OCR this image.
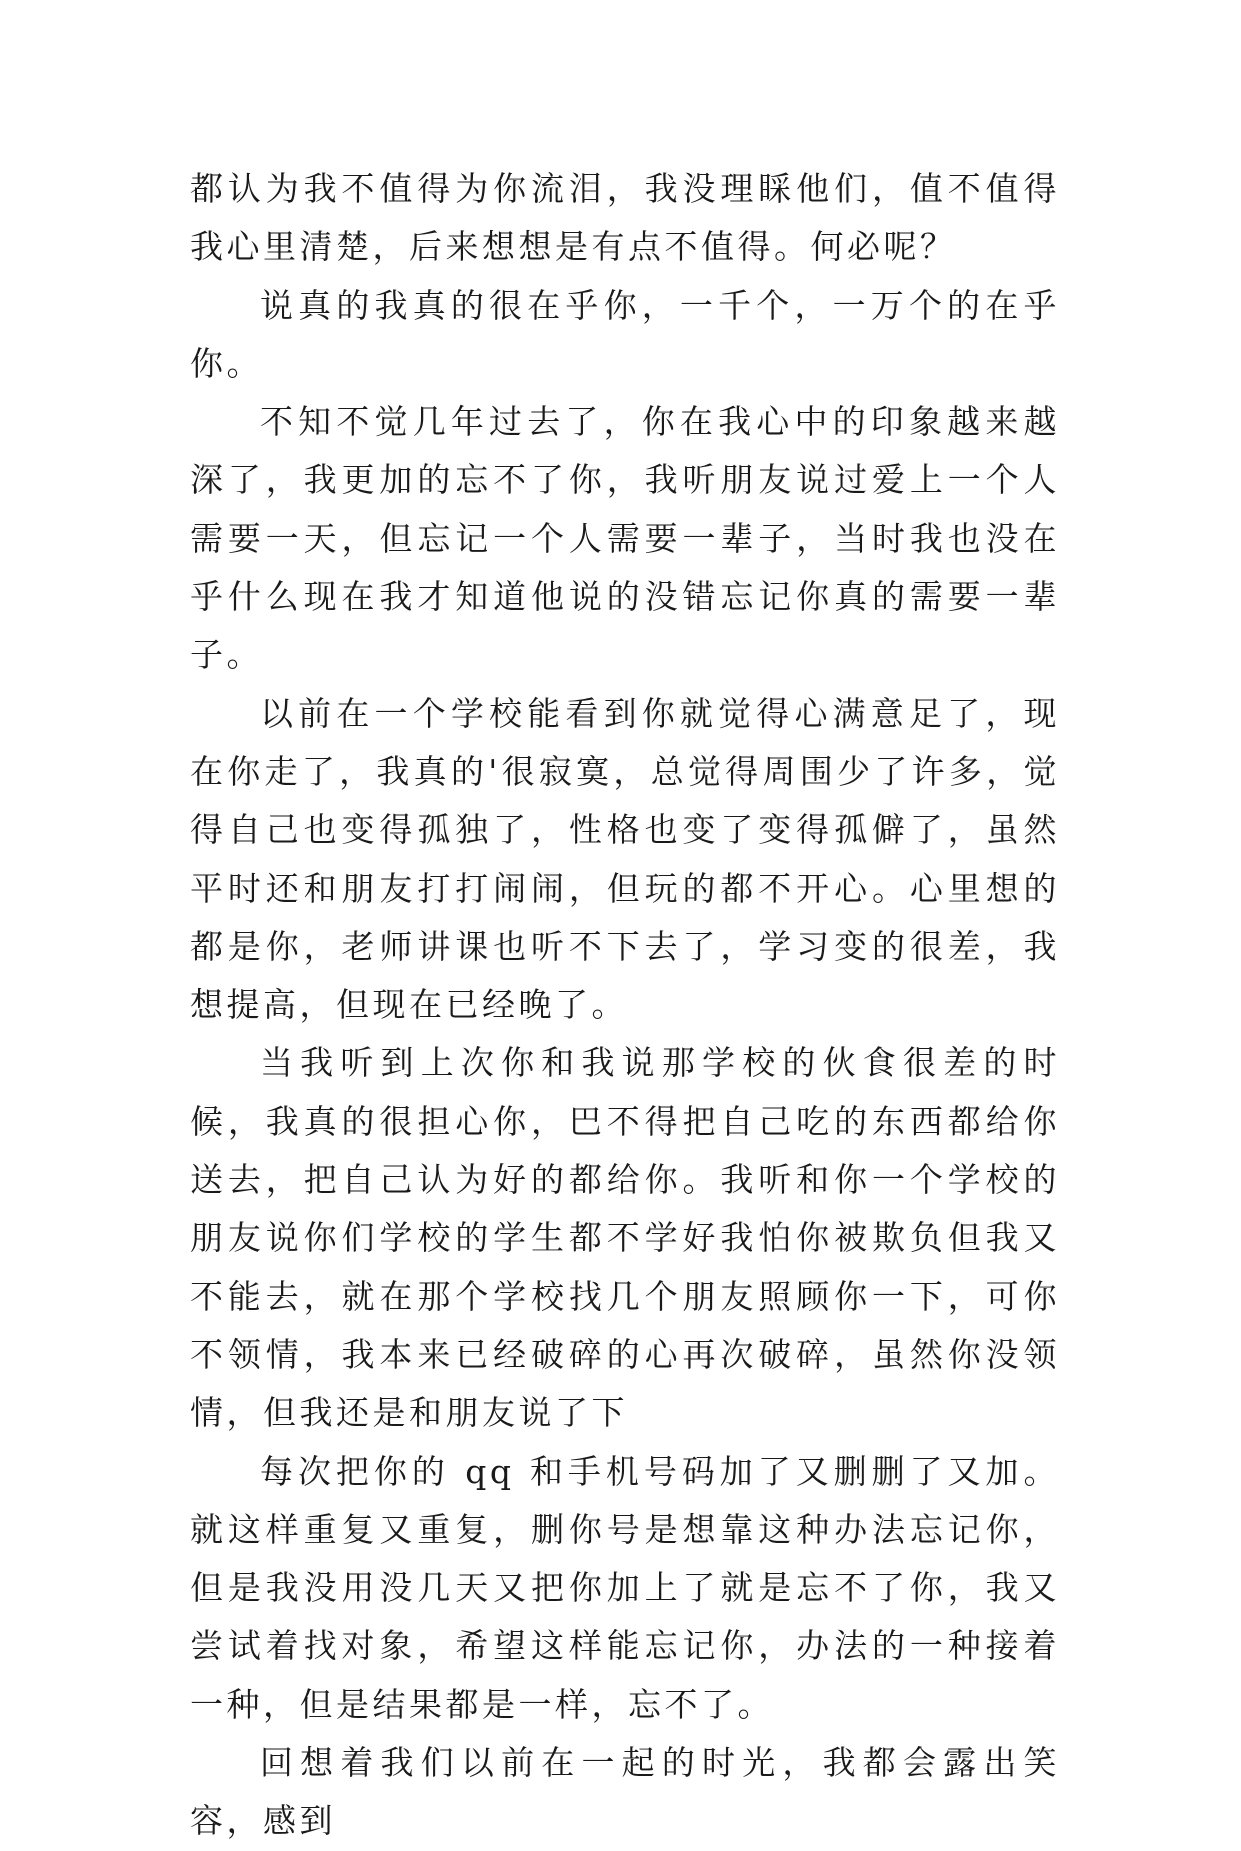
都认为我不值得为你流泪，我没理睬他们，值不值得我心里清楚，后来想想是有点不值得。何必呢？

说真的我真的很在乎你，一千个，一万个的在乎你。

不知不觉几年过去了，你在我心中的印象越来越深了，我更加的忘不了你，我听朋友说过爱上一个人需要一天，但忘记一个人需要一辈子，当时我也没在乎什么现在我才知道他说的没错忘记你真的需要一辈子。

以前在一个学校能看到你就觉得心满意足了，现在你走了，我真的'很寂寞，总觉得周围少了许多，觉得自己也变得孤独了，性格也变了变得孤僻了，虽然平时还和朋友打打闹闹，但玩的都不开心。心里想的都是你，老师讲课也听不下去了，学习变的很差，我想提高，但现在已经晚了。

当我听到上次你和我说那学校的伙食很差的时候，我真的很担心你，巴不得把自己吃的东西都给你送去，把自己认为好的都给你。我听和你一个学校的朋友说你们学校的学生都不学好我怕你被欺负但我又不能去，就在那个学校找几个朋友照顾你一下，可你不领情，我本来已经破碎的心再次破碎，虽然你没领情，但我还是和朋友说了下

每次把你的 qq 和手机号码加了又删删了又加。就这样重复又重复，删你号是想靠这种办法忘记你，但是我没用没几天又把你加上了就是忘不了你，我又尝试着找对象，希望这样能忘记你，办法的一种接着一种，但是结果都是一样，忘不了。

回想着我们以前在一起的时光，我都会露出笑容，感到
